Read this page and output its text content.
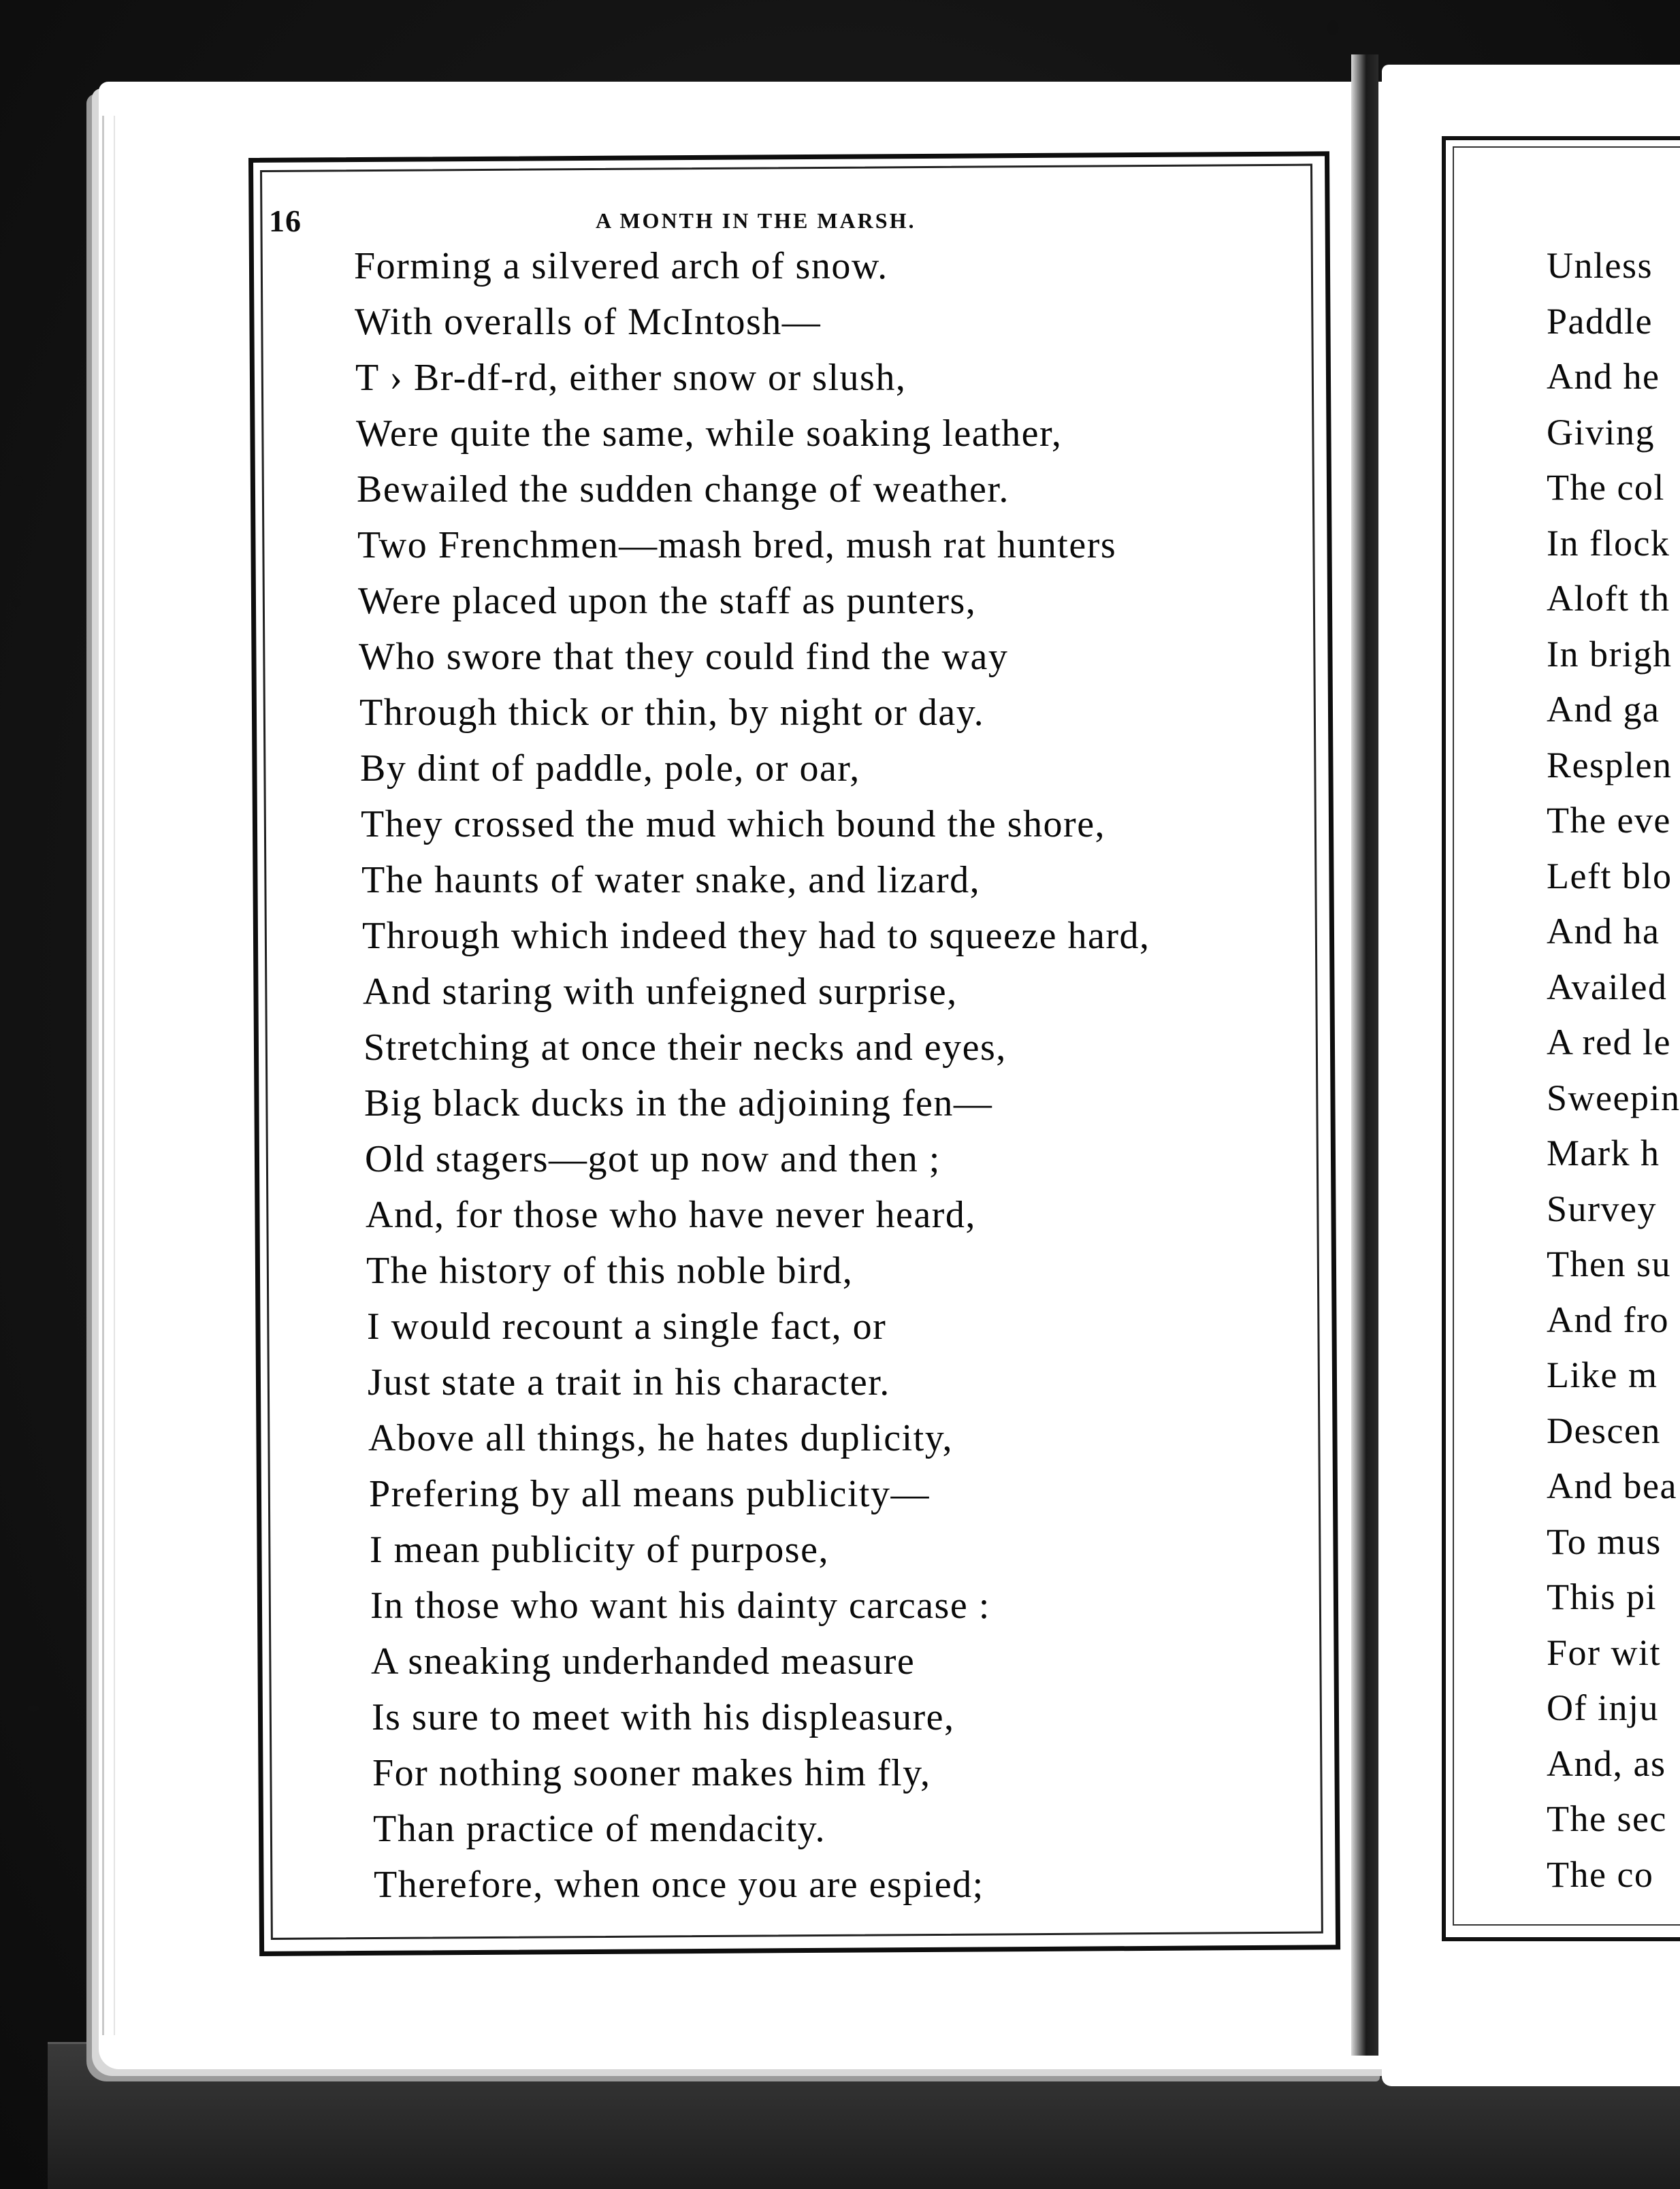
16	A MONTH IN THE MARSH.
Forming a silvered arch of snow.
With overalls of McIntosh—
T › Br-df-rd, either snow or slush,
Were quite the same, while soaking leather,
Bewailed the sudden change of weather.
Two Frenchmen—mash bred, mush rat hunters
Were placed upon the staff as punters,
Who swore that they could find the way
Through thick or thin, by night or day.
By dint of paddle, pole, or oar,
They crossed the mud which bound the shore,
The haunts of water snake, and lizard,
Through which indeed they had to squeeze hard,
And staring with unfeigned surprise,
Stretching at once their necks and eyes,
Big black ducks in the adjoining fen—
Old stagers—got up now and then ;
And, for those who have never heard,
The history of this noble bird,
I would recount a single fact, or
Just state a trait in his character.
Above all things, he hates duplicity,
Prefering by all means publicity—
I mean publicity of purpose,
In those who want his dainty carcase :
A sneaking underhanded measure
Is sure to meet with his displeasure,
For nothing sooner makes him fly,
Than practice of mendacity.
Therefore, when once you are espied;
Unless
Paddle
And he
Giving
The col
In flock
Aloft th
In brigh
And ga
Resplen
The eve
Left blo
And ha
Availed
A red le
Sweepin
Mark h
Survey
Then su
And fro
Like m
Descen
And bea
To mus
This pi
For wit
Of inju
And, as
The sec
The co
